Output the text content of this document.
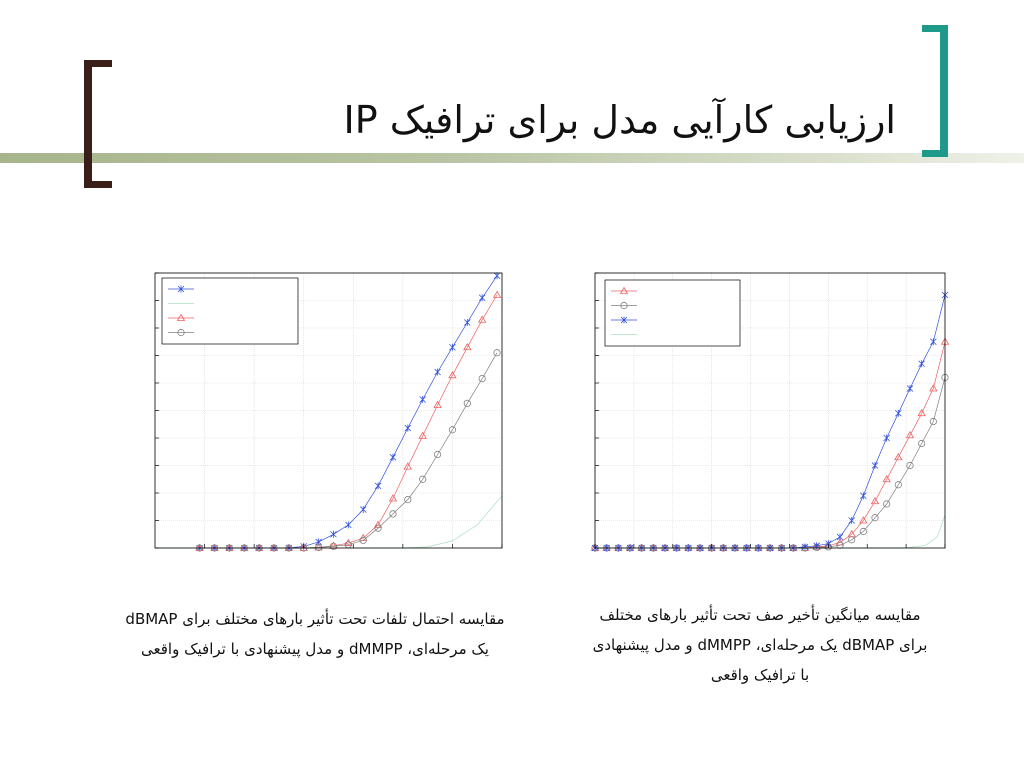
ارزیابی کارآیی مدل برای ترافیک IP
مقایسه احتمال تلفات تحت تأثیر بارهای مختلف برای dBMAP
یک مرحله‌ای، dMMPP و مدل پیشنهادی با ترافیک واقعی
مقایسه میانگین تأخیر صف تحت تأثیر بارهای مختلف
برای dBMAP یک مرحله‌ای، dMMPP و مدل پیشنهادی
با ترافیک واقعی
